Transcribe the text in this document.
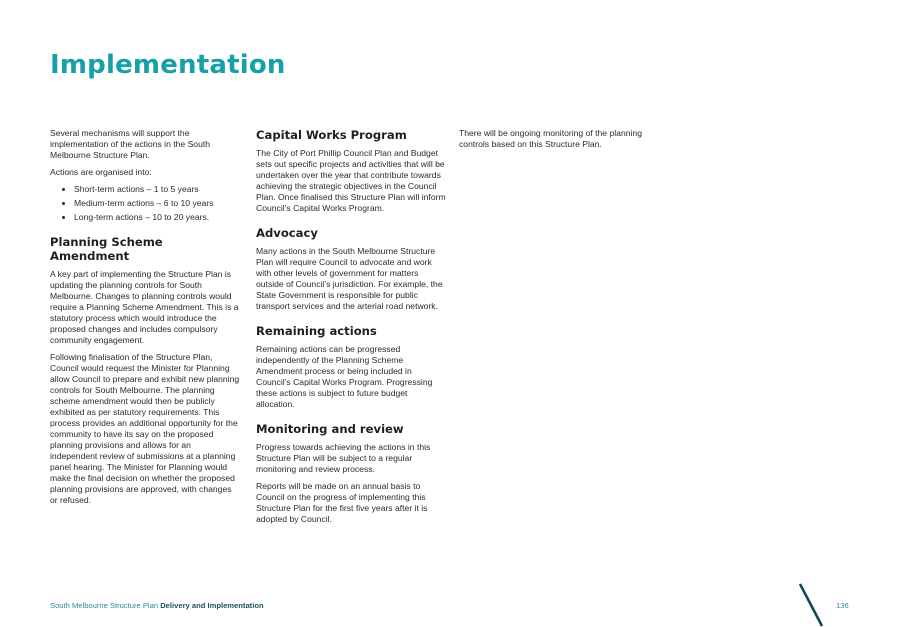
Implementation

Several mechanisms will support the implementation of the actions in the South Melbourne Structure Plan.

Actions are organised into:

• Short-term actions – 1 to 5 years
• Medium-term actions – 6 to 10 years
• Long-term actions – 10 to 20 years.
Planning Scheme Amendment

A key part of implementing the Structure Plan is updating the planning controls for South Melbourne. Changes to planning controls would require a Planning Scheme Amendment. This is a statutory process which would introduce the proposed changes and includes compulsory community engagement.

Following finalisation of the Structure Plan, Council would request the Minister for Planning allow Council to prepare and exhibit new planning controls for South Melbourne. The planning scheme amendment would then be publicly exhibited as per statutory requirements. This process provides an additional opportunity for the community to have its say on the proposed planning provisions and allows for an independent review of submissions at a planning panel hearing. The Minister for Planning would make the final decision on whether the proposed planning provisions are approved, with changes or refused.

Capital Works Program

The City of Port Phillip Council Plan and Budget sets out specific projects and activities that will be undertaken over the year that contribute towards achieving the strategic objectives in the Council Plan. Once finalised this Structure Plan will inform Council’s Capital Works Program.

Advocacy

Many actions in the South Melbourne Structure Plan will require Council to advocate and work with other levels of government for matters outside of Council’s jurisdiction. For example, the State Government is responsible for public transport services and the arterial road network.

Remaining actions

Remaining actions can be progressed independently of the Planning Scheme Amendment process or being included in Council’s Capital Works Program. Progressing these actions is subject to future budget allocation.

Monitoring and review

Progress towards achieving the actions in this Structure Plan will be subject to a regular monitoring and review process.

Reports will be made on an annual basis to Council on the progress of implementing this Structure Plan for the first five years after it is adopted by Council.

There will be ongoing monitoring of the planning controls based on this Structure Plan.

South Melbourne Structure Plan Delivery and Implementation	136
